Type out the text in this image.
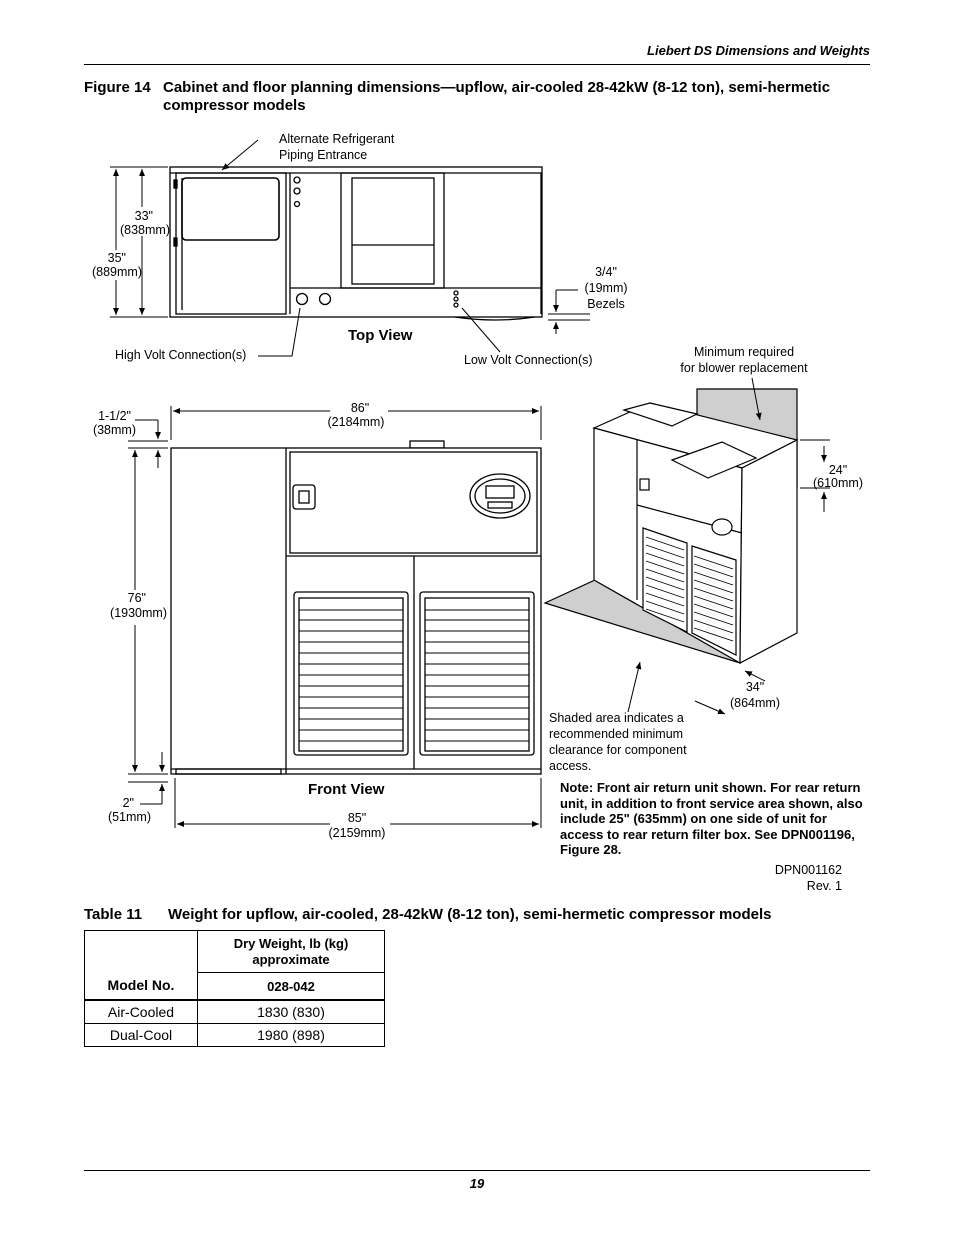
Liebert DS Dimensions and Weights
Figure 14 Cabinet and floor planning dimensions—upflow, air-cooled 28-42kW (8-12 ton), semi-hermetic compressor models
Alternate Refrigerant
Piping Entrance
33"
(838mm)
35"
(889mm)	3/4"
(19mm)
Bezels
Top View
High Volt Connection(s)	Low Volt Connection(s)
86"
(2184mm)
1-1/2"
(38mm)
76"
(1930mm)
Front View
2"
(51mm)	85"
(2159mm)
Minimum required
for blower replacement
24"
(610mm)
34"
(864mm)
Shaded area indicates a recommended minimum clearance for component access.
Note: Front air return unit shown. For rear return unit, in addition to front service area shown, also include 25" (635mm) on one side of unit for access to rear return filter box. See DPN001196, Figure 28.
DPN001162
Rev. 1
Table 11 Weight for upflow, air-cooled, 28-42kW (8-12 ton), semi-hermetic compressor models
Model No.	Dry Weight, lb (kg) approximate
	028-042
Air-Cooled	1830 (830)
Dual-Cool	1980 (898)
19
